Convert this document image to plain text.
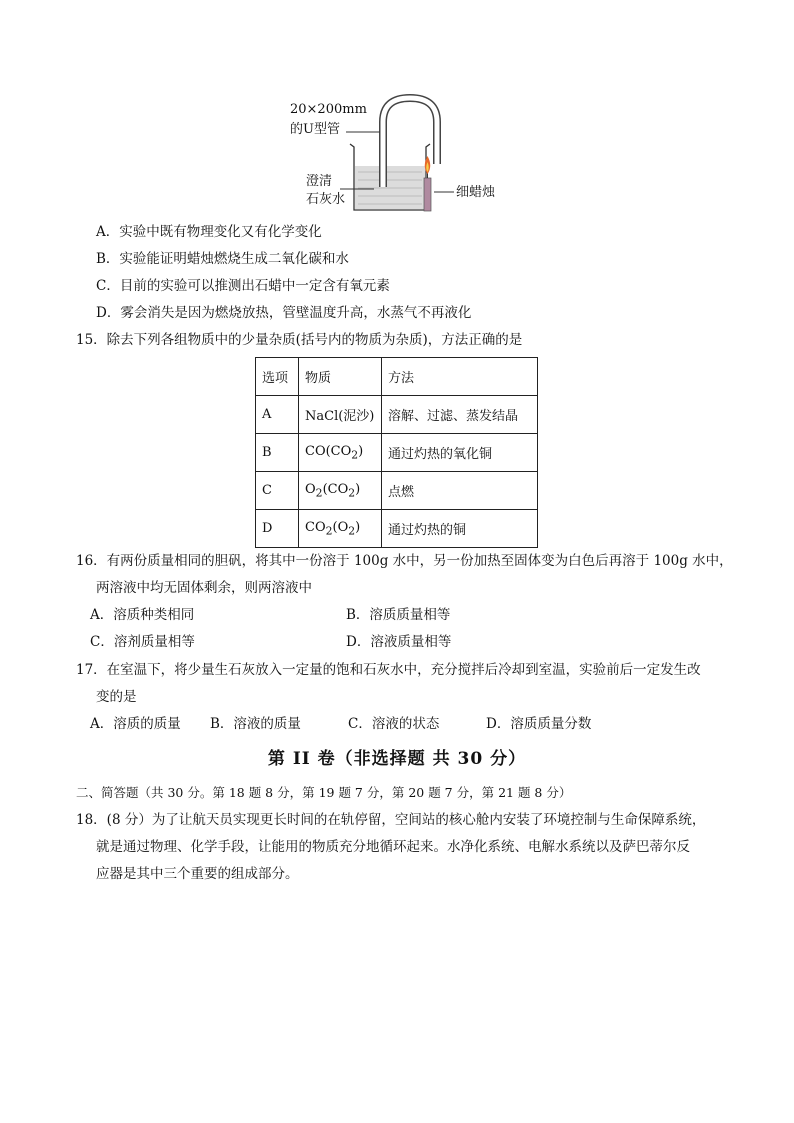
20×200mm
的U型管
澄清
石灰水	细蜡烛
A．实验中既有物理变化又有化学变化
B．实验能证明蜡烛燃烧生成二氧化碳和水
C．目前的实验可以推测出石蜡中一定含有氧元素
D．雾会消失是因为燃烧放热，管壁温度升高，水蒸气不再液化
15．除去下列各组物质中的少量杂质(括号内的物质为杂质)，方法正确的是
选项	物质	方法
A	NaCl(泥沙)	溶解、过滤、蒸发结晶
B	$CO(CO_2)$	通过灼热的氧化铜
C	$O_2(CO_2)$	点燃
D	$CO_2(O_2)$	通过灼热的铜
16．有两份质量相同的胆矾，将其中一份溶于 100g 水中，另一份加热至固体变为白色后再溶于 100g 水中，
两溶液中均无固体剩余，则两溶液中
A．溶质种类相同	B．溶质质量相等
C．溶剂质量相等	D．溶液质量相等
17．在室温下，将少量生石灰放入一定量的饱和石灰水中，充分搅拌后冷却到室温，实验前后一定发生改
变的是
A．溶质的质量 B．溶液的质量	C．溶液的状态	D．溶质质量分数
第 II 卷（非选择题 共 30 分）
二、简答题（共 30 分。第 18 题 8 分，第 19 题 7 分，第 20 题 7 分，第 21 题 8 分）
18．(8 分）为了让航天员实现更长时间的在轨停留，空间站的核心舱内安装了环境控制与生命保障系统，
就是通过物理、化学手段，让能用的物质充分地循环起来。水净化系统、电解水系统以及萨巴蒂尔反
应器是其中三个重要的组成部分。
